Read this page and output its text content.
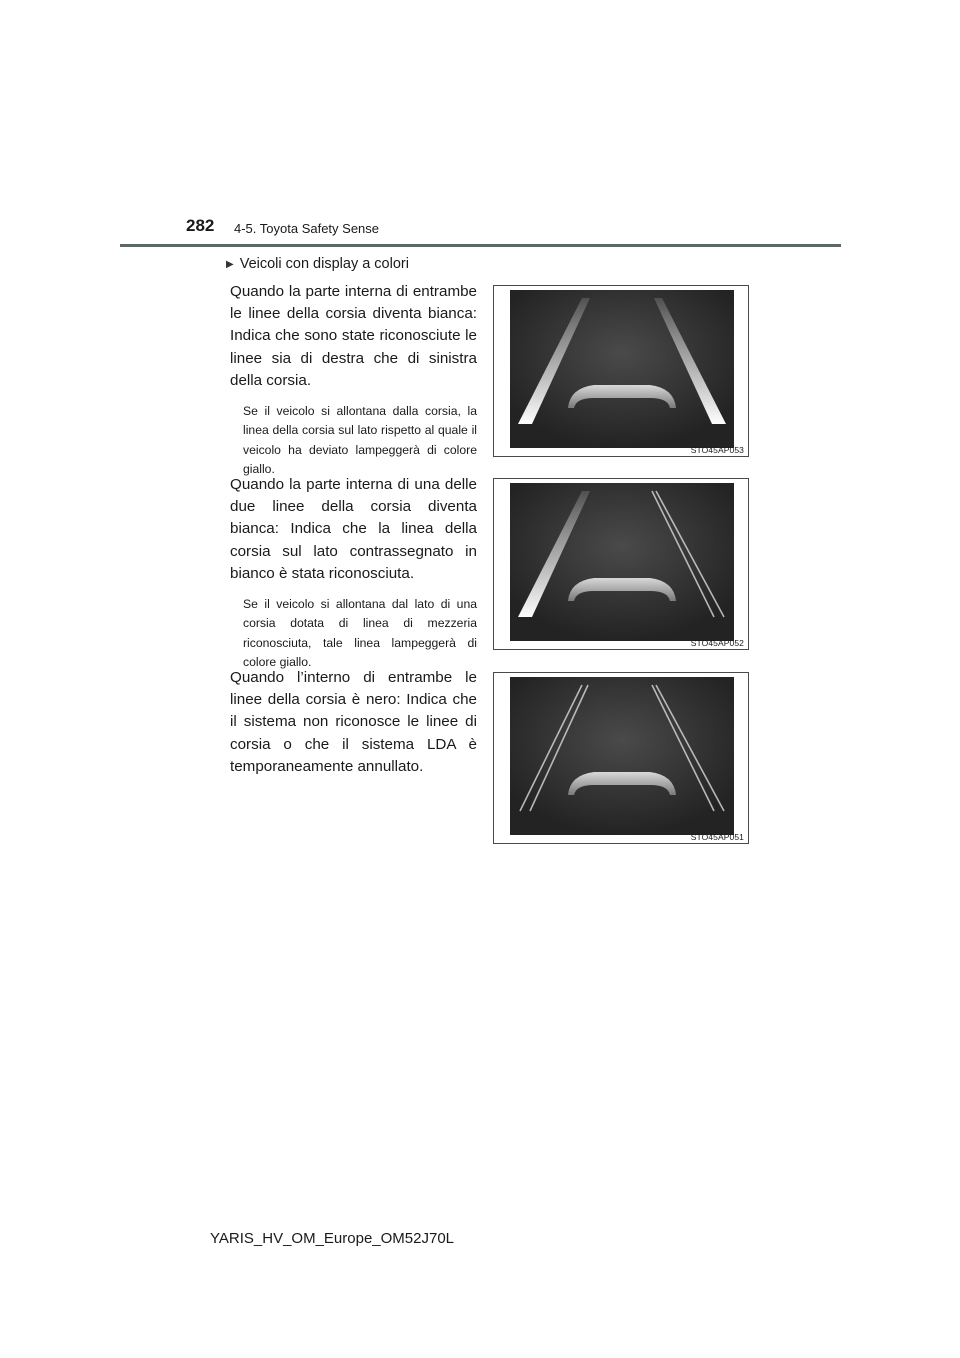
282 4-5. Toyota Safety Sense
▶ Veicoli con display a colori

Quando la parte interna di entrambe le linee della corsia diventa bianca: Indica che sono state riconosciute le linee sia di destra che di sinistra della corsia.

Se il veicolo si allontana dalla corsia, la linea della corsia sul lato rispetto al quale il veicolo ha deviato lampeggerà di colore giallo.

STO45AP053

Quando la parte interna di una delle due linee della corsia diventa bianca: Indica che la linea della corsia sul lato contrassegnato in bianco è stata riconosciuta.

Se il veicolo si allontana dal lato di una corsia dotata di linea di mezzeria riconosciuta, tale linea lampeggerà di colore giallo.

STO45AP052

Quando l’interno di entrambe le linee della corsia è nero: Indica che il sistema non riconosce le linee di corsia o che il sistema LDA è temporaneamente annullato.

STO45AP051
YARIS_HV_OM_Europe_OM52J70L
